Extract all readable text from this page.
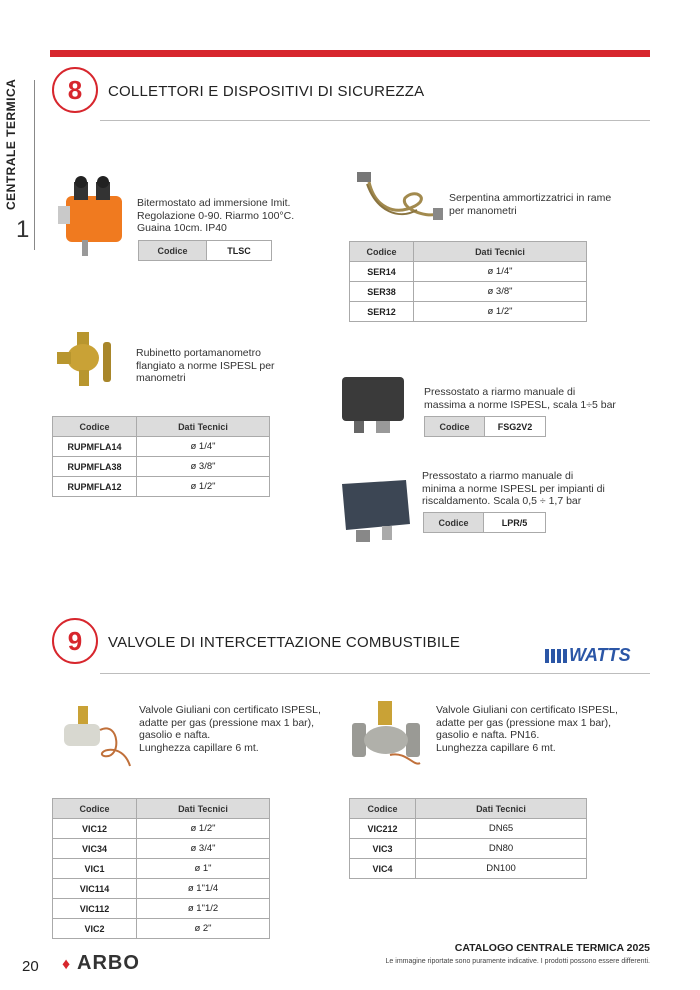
CENTRALE TERMICA
1
8	COLLETTORI E DISPOSITIVI DI SICUREZZA
Bitermostato ad immersione Imit.
Regolazione 0-90. Riarmo 100°C.
Guaina 10cm. IP40
Codice	TLSC
Serpentina ammortizzatrici in rame
per manometri
Codice	Dati Tecnici
SER14	ø 1/4"
SER38	ø 3/8"
SER12	ø 1/2"
Rubinetto portamanometro
flangiato a norme ISPESL per
manometri
Codice	Dati Tecnici
RUPMFLA14	ø 1/4"
RUPMFLA38	ø 3/8"
RUPMFLA12	ø 1/2"
Pressostato a riarmo manuale di
massima a norme ISPESL, scala 1÷5 bar
Codice	FSG2V2
Pressostato a riarmo manuale di
minima a norme ISPESL per impianti di
riscaldamento. Scala 0,5 ÷ 1,7 bar
Codice	LPR/5
9	VALVOLE DI INTERCETTAZIONE COMBUSTIBILE
WATTS
Valvole Giuliani con certificato ISPESL,
adatte per gas (pressione max 1 bar),
gasolio e nafta.
Lunghezza capillare 6 mt.
Codice	Dati Tecnici
VIC12	ø 1/2"
VIC34	ø 3/4"
VIC1	ø 1"
VIC114	ø 1"1/4
VIC112	ø 1"1/2
VIC2	ø 2"
Valvole Giuliani con certificato ISPESL,
adatte per gas (pressione max 1 bar),
gasolio e nafta. PN16.
Lunghezza capillare 6 mt.
Codice	Dati Tecnici
VIC212	DN65
VIC3	DN80
VIC4	DN100
20 ♦ ARBO
CATALOGO CENTRALE TERMICA 2025
Le immagine riportate sono puramente indicative. I prodotti possono essere differenti.
